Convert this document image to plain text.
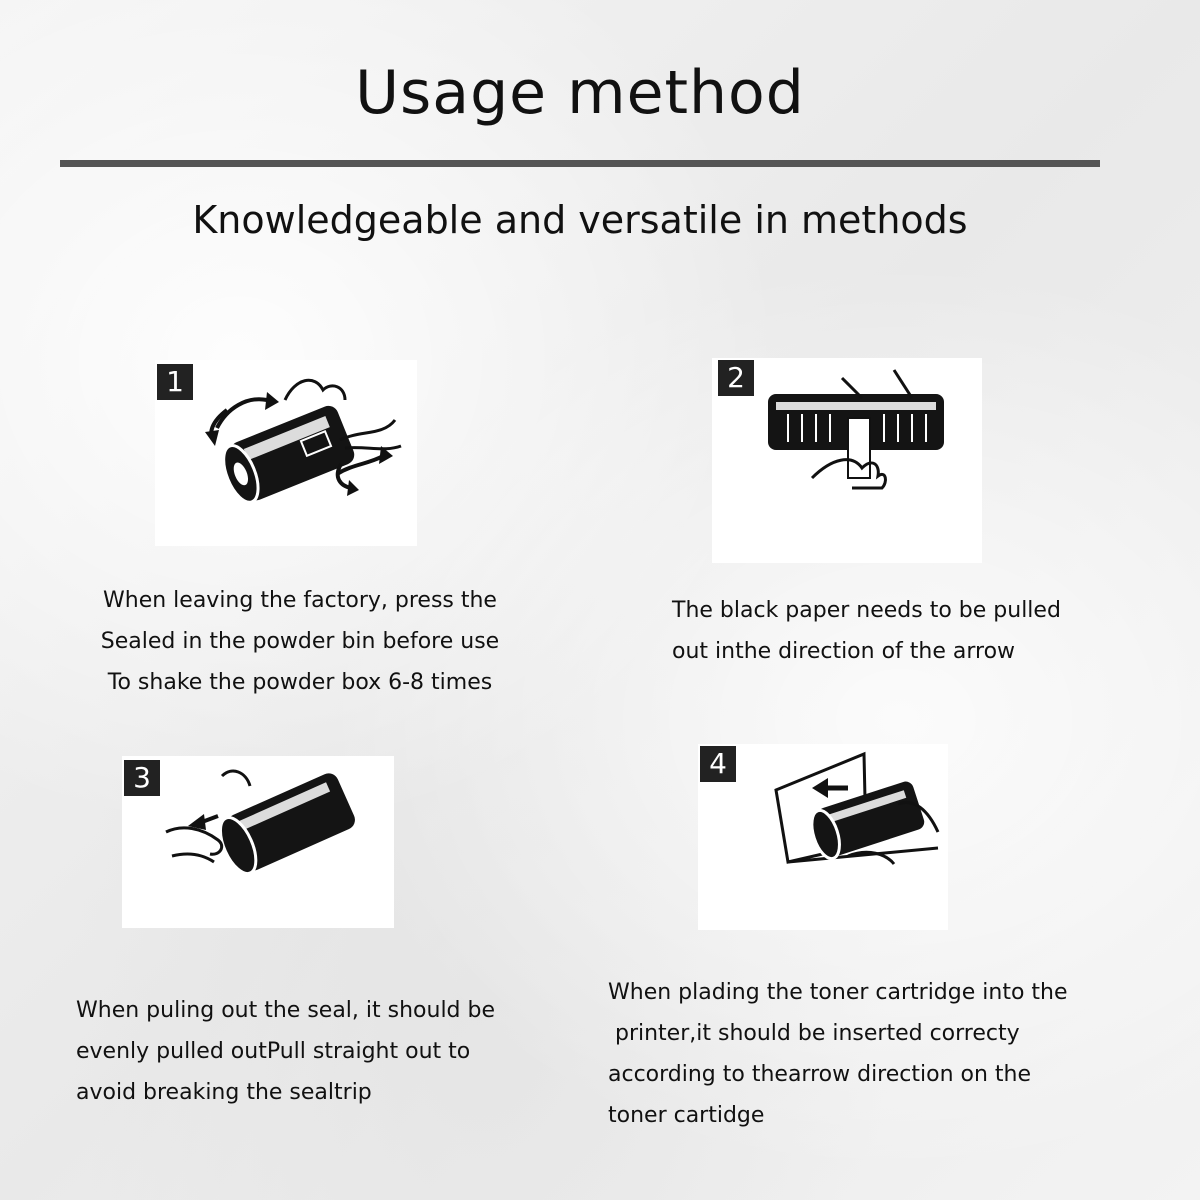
Usage method
Knowledgeable and versatile in methods
1
When leaving the factory, press the
Sealed in the powder bin before use
To shake the powder box 6-8 times
2
The black paper needs to be pulled
out inthe direction of the arrow
3
When puling out the seal, it should be
evenly pulled outPull straight out to
avoid breaking the sealtrip
4
When plading the toner cartridge into the
printer,it should be inserted correcty
according to thearrow direction on the
toner cartidge
